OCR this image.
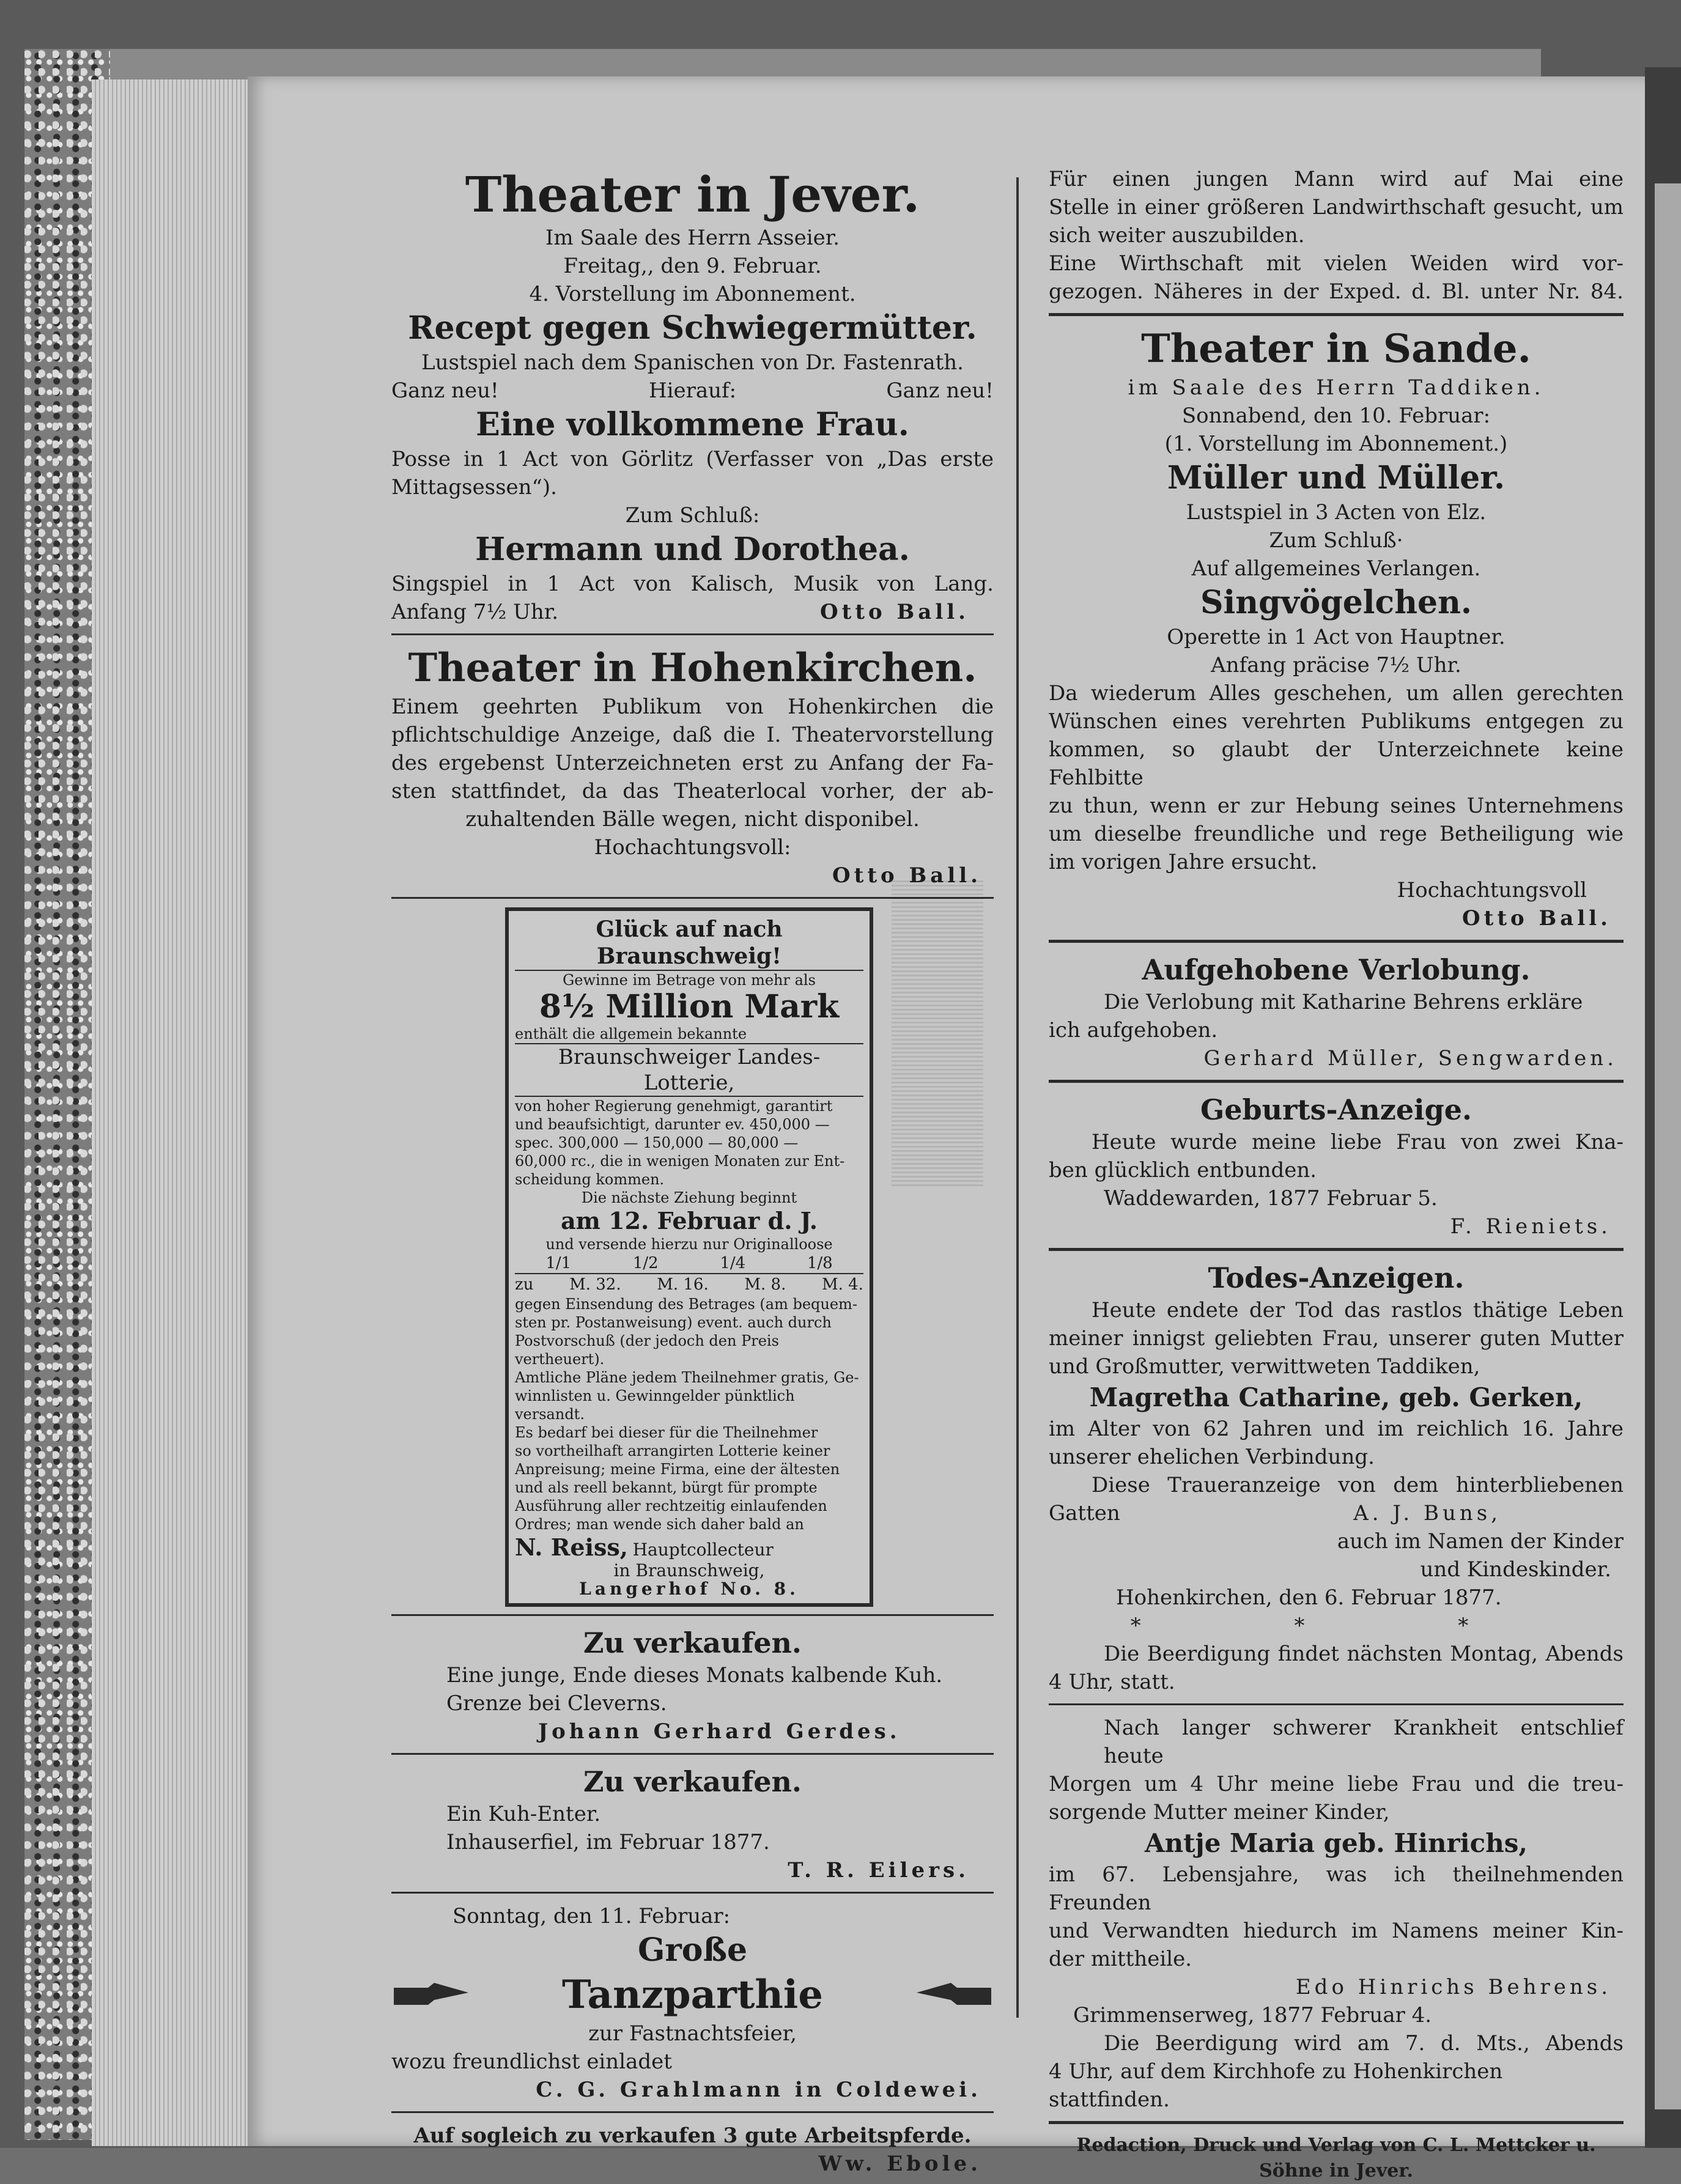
Theater in Jever.
Im Saale des Herrn Asseier.
Freitag,, den 9. Februar.
4. Vorstellung im Abonnement.
Recept gegen Schwiegermütter.
Lustspiel nach dem Spanischen von Dr. Fastenrath.
Ganz neu!	Hierauf:	Ganz neu!
Eine vollkommene Frau.
Posse in 1 Act von Görlitz (Verfasser von „Das erste
Mittagsessen“).
Zum Schluß:
Hermann und Dorothea.
Singspiel in 1 Act von Kalisch, Musik von Lang.
Anfang 7½ Uhr.	Otto Ball.
Theater in Hohenkirchen.
Einem geehrten Publikum von Hohenkirchen die
pflichtschuldige Anzeige, daß die I. Theatervorstellung
des ergebenst Unterzeichneten erst zu Anfang der Fa-
sten stattfindet, da das Theaterlocal vorher, der ab-
zuhaltenden Bälle wegen, nicht disponibel.
Hochachtungsvoll:
Otto Ball.
Glück auf nach Braunschweig!
Gewinne im Betrage von mehr als
8½ Million Mark
enthält die allgemein bekannte
Braunschweiger Landes-Lotterie,
von hoher Regierung genehmigt, garantirt
und beaufsichtigt, darunter ev. 450,000 —
spec. 300,000 — 150,000 — 80,000 —
60,000 rc., die in wenigen Monaten zur Ent-
scheidung kommen.
Die nächste Ziehung beginnt
am 12. Februar d. J.
und versende hierzu nur Originalloose
1/1	1/2	1/4	1/8
zu M. 32. M. 16. M. 8. M. 4.
gegen Einsendung des Betrages (am bequem-
sten pr. Postanweisung) event. auch durch
Postvorschuß (der jedoch den Preis vertheuert).
Amtliche Pläne jedem Theilnehmer gratis, Ge-
winnlisten u. Gewinngelder pünktlich versandt.
Es bedarf bei dieser für die Theilnehmer
so vortheilhaft arrangirten Lotterie keiner
Anpreisung; meine Firma, eine der ältesten
und als reell bekannt, bürgt für prompte
Ausführung aller rechtzeitig einlaufenden
Ordres; man wende sich daher bald an
N. Reiss, Hauptcollecteur
in Braunschweig,
Langerhof No. 8.
Zu verkaufen.
Eine junge, Ende dieses Monats kalbende Kuh.
Grenze bei Cleverns.
Johann Gerhard Gerdes.
Zu verkaufen.
Ein Kuh-Enter.
Inhauserfiel, im Februar 1877.
T. R. Eilers.
Sonntag, den 11. Februar:
Große
Tanzparthie
zur Fastnachtsfeier,
wozu freundlichst einladet
C. G. Grahlmann in Coldewei.
Auf sogleich zu verkaufen 3 gute Arbeitspferde.
Ww. Ebole.
Für einen jungen Mann wird auf Mai eine
Stelle in einer größeren Landwirthschaft gesucht, um
sich weiter auszubilden.
Eine Wirthschaft mit vielen Weiden wird vor-
gezogen. Näheres in der Exped. d. Bl. unter Nr. 84.
Theater in Sande.
im Saale des Herrn Taddiken.
Sonnabend, den 10. Februar:
(1. Vorstellung im Abonnement.)
Müller und Müller.
Lustspiel in 3 Acten von Elz.
Zum Schluß·
Auf allgemeines Verlangen.
Singvögelchen.
Operette in 1 Act von Hauptner.
Anfang präcise 7½ Uhr.
Da wiederum Alles geschehen, um allen gerechten
Wünschen eines verehrten Publikums entgegen zu
kommen, so glaubt der Unterzeichnete keine Fehlbitte
zu thun, wenn er zur Hebung seines Unternehmens
um dieselbe freundliche und rege Betheiligung wie
im vorigen Jahre ersucht.
Hochachtungsvoll
Otto Ball.
Aufgehobene Verlobung.
Die Verlobung mit Katharine Behrens erkläre
ich aufgehoben.
Gerhard Müller, Sengwarden.
Geburts-Anzeige.
Heute wurde meine liebe Frau von zwei Kna-
ben glücklich entbunden.
Waddewarden, 1877 Februar 5.
F. Rieniets.
Todes-Anzeigen.
Heute endete der Tod das rastlos thätige Leben
meiner innigst geliebten Frau, unserer guten Mutter
und Großmutter, verwittweten Taddiken,
Magretha Catharine, geb. Gerken,
im Alter von 62 Jahren und im reichlich 16. Jahre
unserer ehelichen Verbindung.
Diese Traueranzeige von dem hinterbliebenen
Gatten	A. J. Buns,
auch im Namen der Kinder
und Kindeskinder.
Hohenkirchen, den 6. Februar 1877.
* * *
Die Beerdigung findet nächsten Montag, Abends
4 Uhr, statt.
Nach langer schwerer Krankheit entschlief heute
Morgen um 4 Uhr meine liebe Frau und die treu-
sorgende Mutter meiner Kinder,
Antje Maria geb. Hinrichs,
im 67. Lebensjahre, was ich theilnehmenden Freunden
und Verwandten hiedurch im Namens meiner Kin-
der mittheile.
Edo Hinrichs Behrens.
Grimmenserweg, 1877 Februar 4.
Die Beerdigung wird am 7. d. Mts., Abends
4 Uhr, auf dem Kirchhofe zu Hohenkirchen stattfinden.
Redaction, Druck und Verlag von C. L. Mettcker u. Söhne in Jever.
